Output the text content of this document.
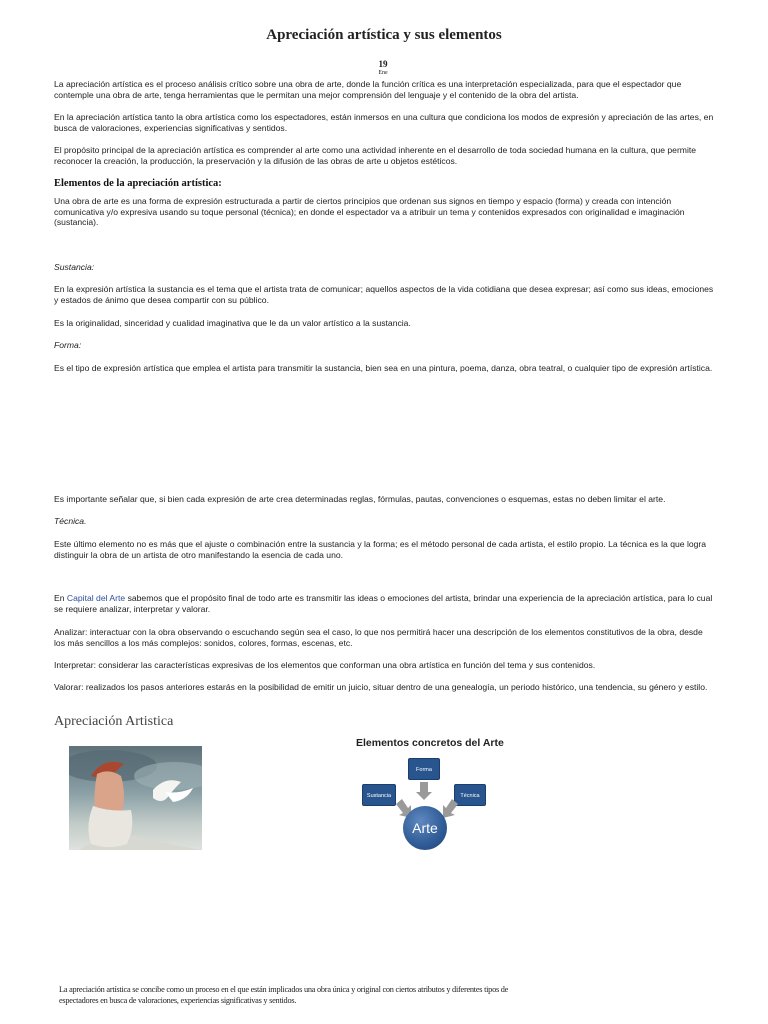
Apreciación artística y sus elementos
19
Ene
La apreciación artística es el proceso análisis crítico sobre una obra de arte, donde la función crítica es una interpretación especializada, para que el espectador que contemple una obra de arte, tenga herramientas que le permitan una mejor comprensión del lenguaje y el contenido de la obra del artista.
En la apreciación artística tanto la obra artística como los espectadores, están inmersos en una cultura que condiciona los modos de expresión y apreciación de las artes, en busca de valoraciones, experiencias significativas y sentidos.
El propósito principal de la apreciación artística es comprender al arte como una actividad inherente en el desarrollo de toda sociedad humana en la cultura, que permite reconocer la creación, la producción, la preservación y la difusión de las obras de arte u objetos estéticos.
Elementos de la apreciación artística:
Una obra de arte es una forma de expresión estructurada a partir de ciertos principios que ordenan sus signos en tiempo y espacio (forma) y creada con intención comunicativa y/o expresiva usando su toque personal (técnica); en donde el espectador va a atribuir un tema y contenidos expresados con originalidad e imaginación (sustancia).
Sustancia:
En la expresión artística la sustancia es el tema que el artista trata de comunicar; aquellos aspectos de la vida cotidiana que desea expresar; así como sus ideas, emociones y estados de ánimo que desea compartir con su público.
Es la originalidad, sinceridad y cualidad imaginativa que le da un valor artístico a la sustancia.
Forma:
Es el tipo de expresión artística que emplea el artista para transmitir la sustancia, bien sea en una pintura, poema, danza, obra teatral, o cualquier tipo de expresión artística.
Es importante señalar que, si bien cada expresión de arte crea determinadas reglas, fórmulas, pautas, convenciones o esquemas, estas no deben limitar el arte.
Técnica.
Este último elemento no es más que el ajuste o combinación entre la sustancia y la forma; es el método personal de cada artista, el estilo propio. La técnica es la que logra distinguir la obra de un artista de otro manifestando la esencia de cada uno.
En Capital del Arte sabemos que el propósito final de todo arte es transmitir las ideas o emociones del artista, brindar una experiencia de la apreciación artística, para lo cual se requiere analizar, interpretar y valorar.
Analizar: interactuar con la obra observando o escuchando según sea el caso, lo que nos permitirá hacer una descripción de los elementos constitutivos de la obra, desde los más sencillos a los más complejos: sonidos, colores, formas, escenas, etc.
Interpretar: considerar las características expresivas de los elementos que conforman una obra artística en función del tema y sus contenidos.
Valorar: realizados los pasos anteriores estarás en la posibilidad de emitir un juicio, situar dentro de una genealogía, un periodo histórico, una tendencia, su género y estilo.
Apreciación Artistica
Elementos concretos del Arte
Forma
Sustancia	Técnica
Arte
La apreciación artística se concibe como un proceso en el que están implicados una obra única y original con ciertos atributos y diferentes tipos de espectadores en busca de valoraciones, experiencias significativas y sentidos.
